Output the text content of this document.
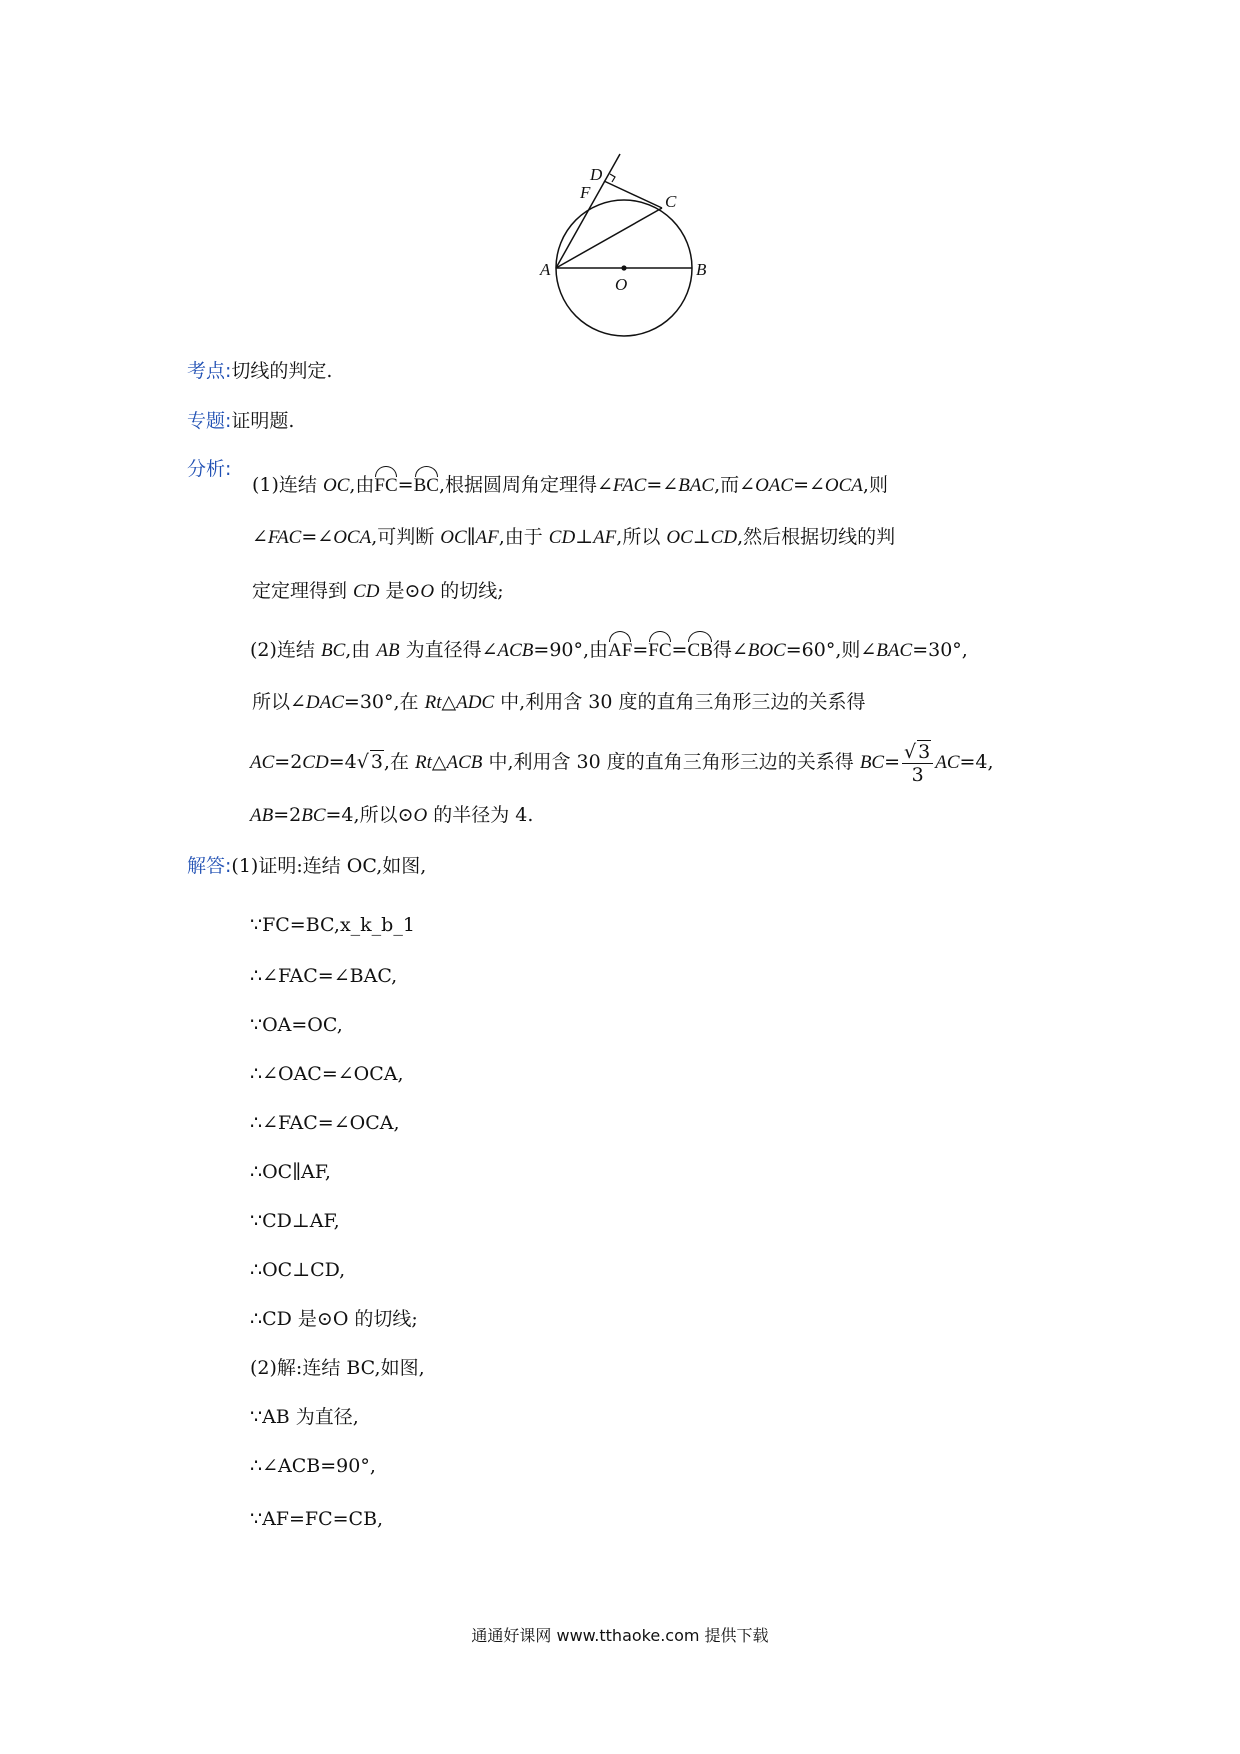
A	B
C
D
F
O
考点:切线的判定.
专题:证明题.
分析:
(1)连结 OC,由FC=BC,根据圆周角定理得∠FAC=∠BAC,而∠OAC=∠OCA,则
∠FAC=∠OCA,可判断 OC∥AF,由于 CD⊥AF,所以 OC⊥CD,然后根据切线的判
定定理得到 CD 是⊙O 的切线;
(2)连结 BC,由 AB 为直径得∠ACB=90°,由AF=FC=CB得∠BOC=60°,则∠BAC=30°,
所以∠DAC=30°,在 Rt△ADC 中,利用含 30 度的直角三角形三边的关系得
AC=2CD=4√ 3,在 Rt△ACB 中,利用含 30 度的直角三角形三边的关系得 $BC= \frac{√ 3}{3} AC=4$,
AB=2BC=4,所以⊙O 的半径为 4.
解答:(1)证明:连结 OC,如图,
∵FC=BC,x_k_b_1
∴∠FAC=∠BAC,
∵OA=OC,
∴∠OAC=∠OCA,
∴∠FAC=∠OCA,
∴OC∥AF,
∵CD⊥AF,
∴OC⊥CD,
∴CD 是⊙O 的切线;
(2)解:连结 BC,如图,
∵AB 为直径,
∴∠ACB=90°,
∵AF=FC=CB,
通通好课网 www.tthaoke.com 提供下载
